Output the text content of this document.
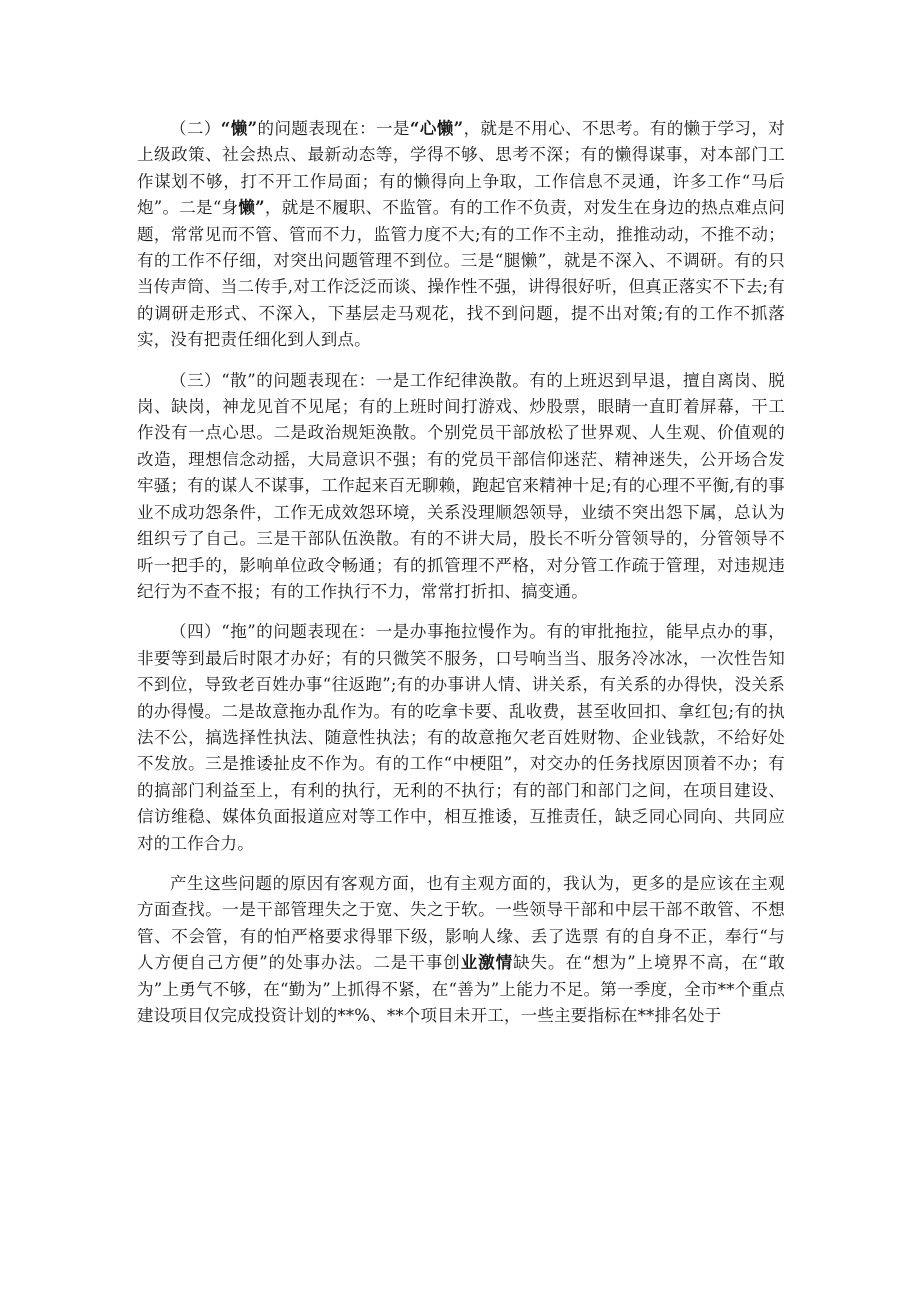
（二）“懒”的问题表现在：一是“心懒”，就是不用心、不思考。有的懒于学习，对上级政策、社会热点、最新动态等，学得不够、思考不深；有的懒得谋事，对本部门工作谋划不够，打不开工作局面；有的懒得向上争取，工作信息不灵通，许多工作“马后炮”。二是“身懒”，就是不履职、不监管。有的工作不负责，对发生在身边的热点难点问题，常常见而不管、管而不力，监管力度不大;有的工作不主动，推推动动，不推不动；有的工作不仔细，对突出问题管理不到位。三是“腿懒”，就是不深入、不调研。有的只当传声筒、当二传手,对工作泛泛而谈、操作性不强，讲得很好听，但真正落实不下去;有的调研走形式、不深入，下基层走马观花，找不到问题，提不出对策;有的工作不抓落实，没有把责任细化到人到点。

（三）“散”的问题表现在：一是工作纪律涣散。有的上班迟到早退，擅自离岗、脱岗、缺岗，神龙见首不见尾；有的上班时间打游戏、炒股票，眼睛一直盯着屏幕，干工作没有一点心思。二是政治规矩涣散。个别党员干部放松了世界观、人生观、价值观的改造，理想信念动摇，大局意识不强；有的党员干部信仰迷茫、精神迷失，公开场合发牢骚；有的谋人不谋事，工作起来百无聊赖，跑起官来精神十足;有的心理不平衡,有的事业不成功怨条件，工作无成效怨环境，关系没理顺怨领导，业绩不突出怨下属，总认为组织亏了自己。三是干部队伍涣散。有的不讲大局，股长不听分管领导的，分管领导不听一把手的，影响单位政令畅通；有的抓管理不严格，对分管工作疏于管理，对违规违纪行为不查不报；有的工作执行不力，常常打折扣、搞变通。

（四）“拖”的问题表现在：一是办事拖拉慢作为。有的审批拖拉，能早点办的事，非要等到最后时限才办好；有的只微笑不服务，口号响当当、服务冷冰冰，一次性告知不到位，导致老百姓办事“往返跑”;有的办事讲人情、讲关系，有关系的办得快，没关系的办得慢。二是故意拖办乱作为。有的吃拿卡要、乱收费，甚至收回扣、拿红包;有的执法不公，搞选择性执法、随意性执法；有的故意拖欠老百姓财物、企业钱款，不给好处不发放。三是推诿扯皮不作为。有的工作“中梗阻”，对交办的任务找原因顶着不办；有的搞部门利益至上，有利的执行，无利的不执行；有的部门和部门之间，在项目建设、信访维稳、媒体负面报道应对等工作中，相互推诿，互推责任，缺乏同心同向、共同应对的工作合力。

产生这些问题的原因有客观方面，也有主观方面的，我认为，更多的是应该在主观方面查找。一是干部管理失之于宽、失之于软。一些领导干部和中层干部不敢管、不想管、不会管，有的怕严格要求得罪下级，影响人缘、丢了选票 有的自身不正，奉行“与人方便自己方便”的处事办法。二是干事创业激情缺失。在“想为”上境界不高，在“敢为”上勇气不够，在“勤为”上抓得不紧，在“善为”上能力不足。第一季度，全市**个重点建设项目仅完成投资计划的**%、**个项目未开工，一些主要指标在**排名处于
